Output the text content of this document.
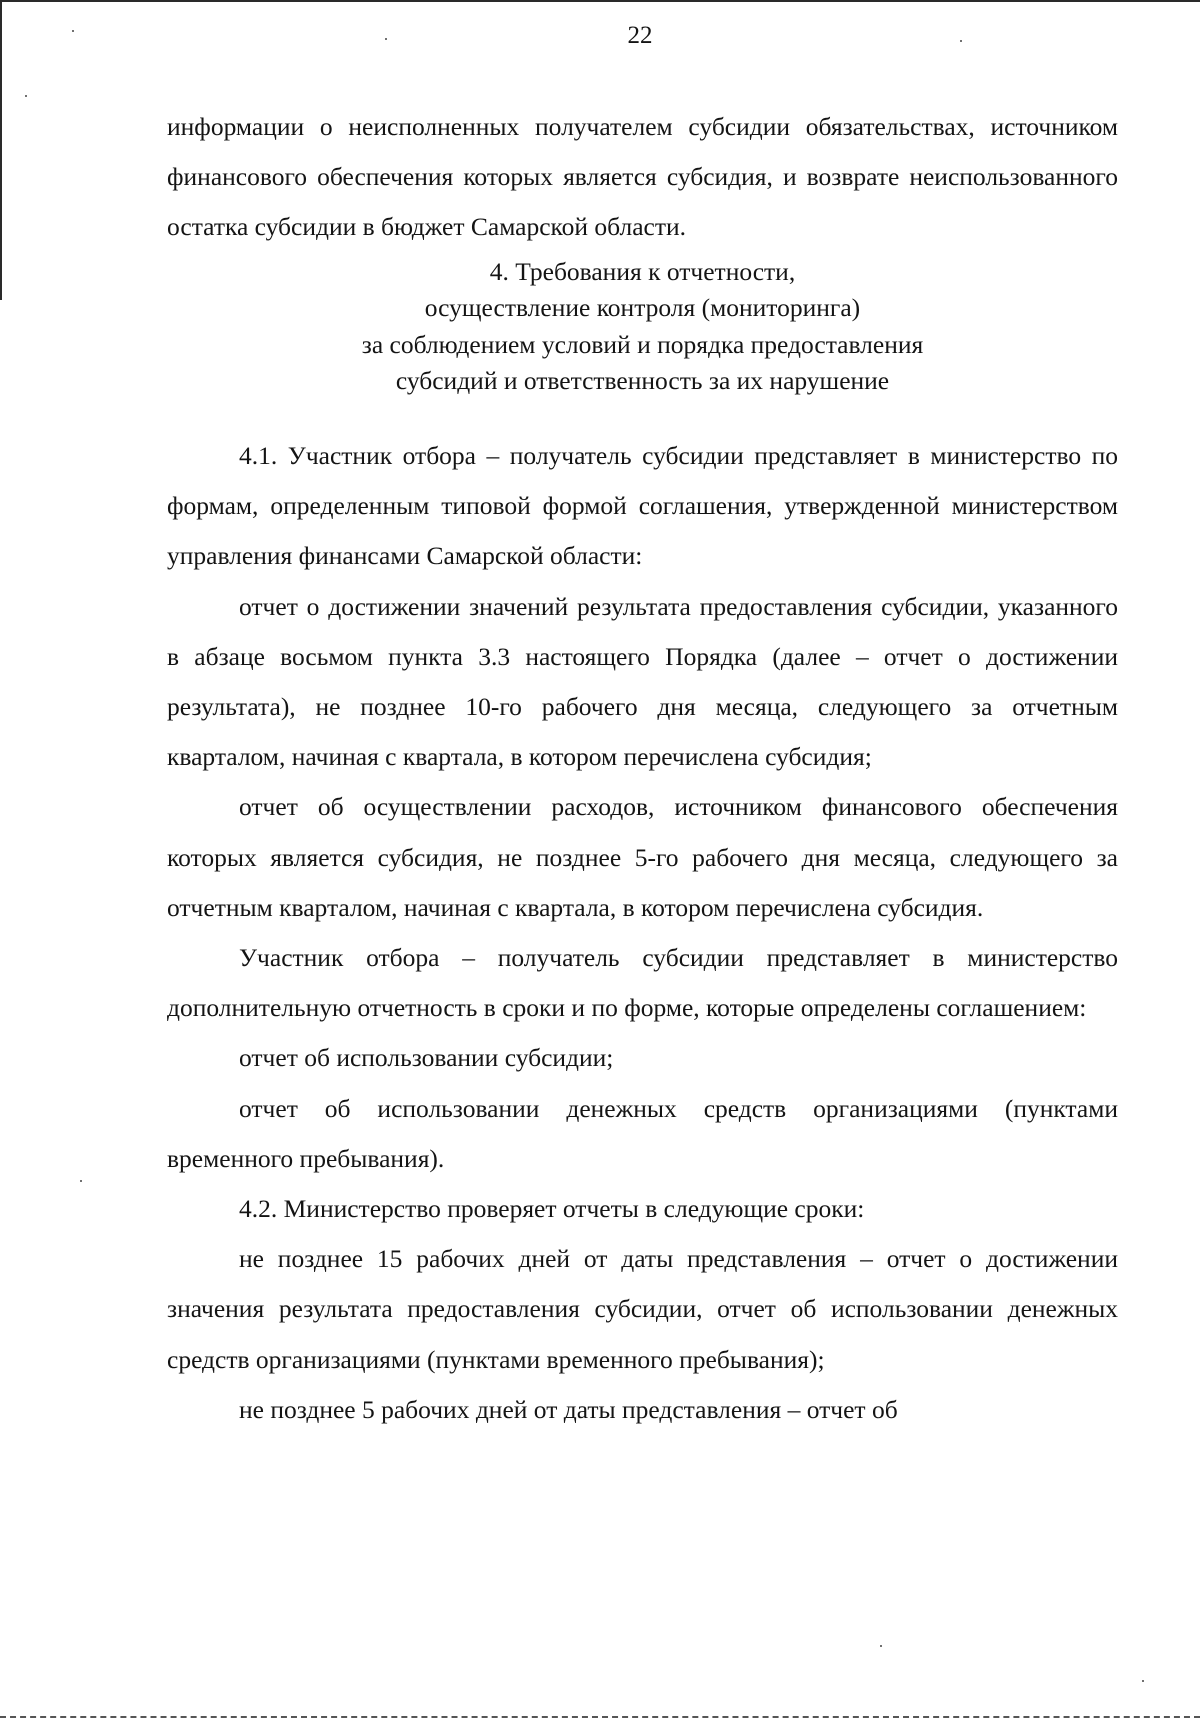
22

информации о неисполненных получателем субсидии обязательствах, источником финансового обеспечения которых является субсидия, и возврате неиспользованного остатка субсидии в бюджет Самарской области.

4. Требования к отчетности,
осуществление контроля (мониторинга)
за соблюдением условий и порядка предоставления
субсидий и ответственность за их нарушение

4.1. Участник отбора – получатель субсидии представляет в министерство по формам, определенным типовой формой соглашения, утвержденной министерством управления финансами Самарской области:

отчет о достижении значений результата предоставления субсидии, указанного в абзаце восьмом пункта 3.3 настоящего Порядка (далее – отчет о достижении результата), не позднее 10-го рабочего дня месяца, следующего за отчетным кварталом, начиная с квартала, в котором перечислена субсидия;

отчет об осуществлении расходов, источником финансового обеспечения которых является субсидия, не позднее 5-го рабочего дня месяца, следующего за отчетным кварталом, начиная с квартала, в котором перечислена субсидия.

Участник отбора – получатель субсидии представляет в министерство дополнительную отчетность в сроки и по форме, которые определены соглашением:

отчет об использовании субсидии;

отчет об использовании денежных средств организациями (пунктами временного пребывания).

4.2. Министерство проверяет отчеты в следующие сроки:

не позднее 15 рабочих дней от даты представления – отчет о достижении значения результата предоставления субсидии, отчет об использовании денежных средств организациями (пунктами временного пребывания);

не позднее 5 рабочих дней от даты представления – отчет об
